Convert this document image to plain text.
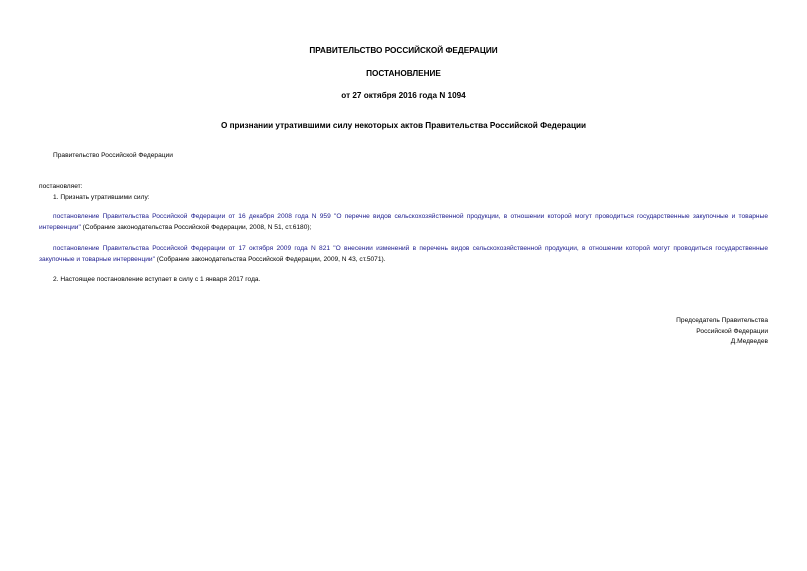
ПРАВИТЕЛЬСТВО РОССИЙСКОЙ ФЕДЕРАЦИИ
ПОСТАНОВЛЕНИЕ
от 27 октября 2016 года N 1094
О признании утратившими силу некоторых актов Правительства Российской Федерации
Правительство Российской Федерации
постановляет:
1. Признать утратившими силу:
постановление Правительства Российской Федерации от 16 декабря 2008 года N 959 "О перечне видов сельскохозяйственной продукции, в отношении которой могут проводиться государственные закупочные и товарные интервенции" (Собрание законодательства Российской Федерации, 2008, N 51, ст.6180);
постановление Правительства Российской Федерации от 17 октября 2009 года N 821 "О внесении изменений в перечень видов сельскохозяйственной продукции, в отношении которой могут проводиться государственные закупочные и товарные интервенции" (Собрание законодательства Российской Федерации, 2009, N 43, ст.5071).
2. Настоящее постановление вступает в силу с 1 января 2017 года.
Председатель Правительства
Российской Федерации
Д.Медведев
